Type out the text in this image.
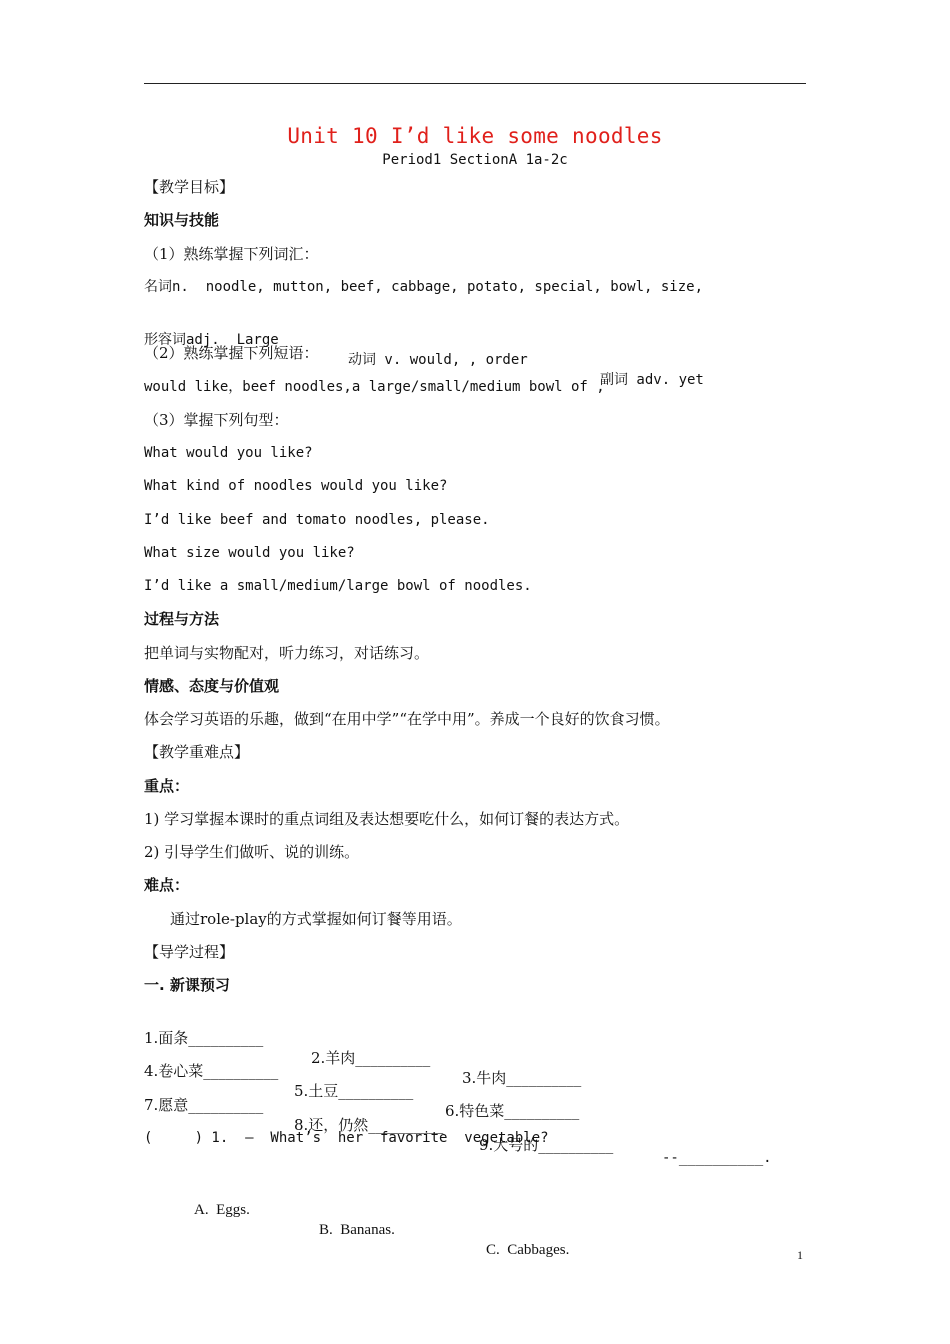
Unit 10 I’d like some noodles
Period1 SectionA 1a-2c
【教学目标】
知识与技能
（1）熟练掌握下列词汇：
名词n.  noodle, mutton, beef, cabbage, potato, special, bowl, size,

形容词adj.  Large

动词 v. would, , order

副词 adv. yet

（2）熟练掌握下列短语：
would like，beef noodles,a large/small/medium bowl of ,
（3）掌握下列句型：
What would you like?
What kind of noodles would you like?
I’d like beef and tomato noodles, please.
What size would you like?
I’d like a small/medium/large bowl of noodles.
过程与方法
把单词与实物配对，听力练习，对话练习。
情感、态度与价值观
体会学习英语的乐趣，做到“在用中学”“在学中用”。养成一个良好的饮食习惯。
【教学重难点】
重点：
1) 学习掌握本课时的重点词组及表达想要吃什么，如何订餐的表达方式。
2) 引导学生们做听、说的训练。
难点：
通过role-play的方式掌握如何订餐等用语。
【导学过程】
一. 新课预习

1.面条__________

2.羊肉__________

3.牛肉__________

4.卷心菜__________

5.土豆__________

6.特色菜__________

7.愿意__________

8.还，仍然__________

9.大号的__________

(     ) 1.  –  What’s  her  favorite  vegetable?

--__________.

A.  Eggs.

B.  Bananas.

C.  Cabbages.

	1
